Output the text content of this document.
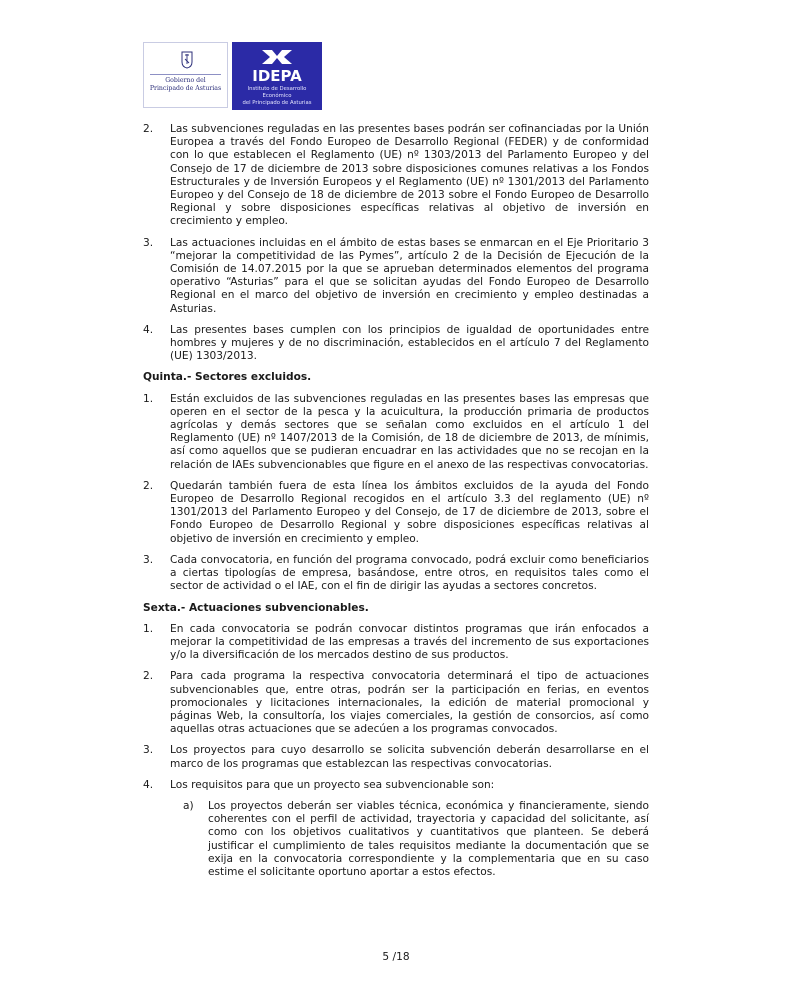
Gobierno del
Principado de Asturias
IDEPA
Instituto de Desarrollo Económico
del Principado de Asturias
2. Las subvenciones reguladas en las presentes bases podrán ser cofinanciadas por la Unión Europea a través del Fondo Europeo de Desarrollo Regional (FEDER) y de conformidad con lo que establecen el Reglamento (UE) nº 1303/2013 del Parlamento Europeo y del Consejo de 17 de diciembre de 2013 sobre disposiciones comunes relativas a los Fondos Estructurales y de Inversión Europeos y el Reglamento (UE) nº 1301/2013 del Parlamento Europeo y del Consejo de 18 de diciembre de 2013 sobre el Fondo Europeo de Desarrollo Regional y sobre disposiciones específicas relativas al objetivo de inversión en crecimiento y empleo.
3. Las actuaciones incluidas en el ámbito de estas bases se enmarcan en el Eje Prioritario 3 “mejorar la competitividad de las Pymes”, artículo 2 de la Decisión de Ejecución de la Comisión de 14.07.2015 por la que se aprueban determinados elementos del programa operativo “Asturias” para el que se solicitan ayudas del Fondo Europeo de Desarrollo Regional en el marco del objetivo de inversión en crecimiento y empleo destinadas a Asturias.
4. Las presentes bases cumplen con los principios de igualdad de oportunidades entre hombres y mujeres y de no discriminación, establecidos en el artículo 7 del Reglamento (UE) 1303/2013.
Quinta.- Sectores excluidos.
1. Están excluidos de las subvenciones reguladas en las presentes bases las empresas que operen en el sector de la pesca y la acuicultura, la producción primaria de productos agrícolas y demás sectores que se señalan como excluidos en el artículo 1 del Reglamento (UE) nº 1407/2013 de la Comisión, de 18 de diciembre de 2013, de mínimis, así como aquellos que se pudieran encuadrar en las actividades que no se recojan en la relación de IAEs subvencionables que figure en el anexo de las respectivas convocatorias.
2. Quedarán también fuera de esta línea los ámbitos excluidos de la ayuda del Fondo Europeo de Desarrollo Regional recogidos en el artículo 3.3 del reglamento (UE) nº 1301/2013 del Parlamento Europeo y del Consejo, de 17 de diciembre de 2013, sobre el Fondo Europeo de Desarrollo Regional y sobre disposiciones específicas relativas al objetivo de inversión en crecimiento y empleo.
3. Cada convocatoria, en función del programa convocado, podrá excluir como beneficiarios a ciertas tipologías de empresa, basándose, entre otros, en requisitos tales como el sector de actividad o el IAE, con el fin de dirigir las ayudas a sectores concretos.
Sexta.- Actuaciones subvencionables.
1. En cada convocatoria se podrán convocar distintos programas que irán enfocados a mejorar la competitividad de las empresas a través del incremento de sus exportaciones y/o la diversificación de los mercados destino de sus productos.
2. Para cada programa la respectiva convocatoria determinará el tipo de actuaciones subvencionables que, entre otras, podrán ser la participación en ferias, en eventos promocionales y licitaciones internacionales, la edición de material promocional y páginas Web, la consultoría, los viajes comerciales, la gestión de consorcios, así como aquellas otras actuaciones que se adecúen a los programas convocados.
3. Los proyectos para cuyo desarrollo se solicita subvención deberán desarrollarse en el marco de los programas que establezcan las respectivas convocatorias.
4. Los requisitos para que un proyecto sea subvencionable son:
a) Los proyectos deberán ser viables técnica, económica y financieramente, siendo coherentes con el perfil de actividad, trayectoria y capacidad del solicitante, así como con los objetivos cualitativos y cuantitativos que planteen. Se deberá justificar el cumplimiento de tales requisitos mediante la documentación que se exija en la convocatoria correspondiente y la complementaria que en su caso estime el solicitante oportuno aportar a estos efectos.
5 /18
